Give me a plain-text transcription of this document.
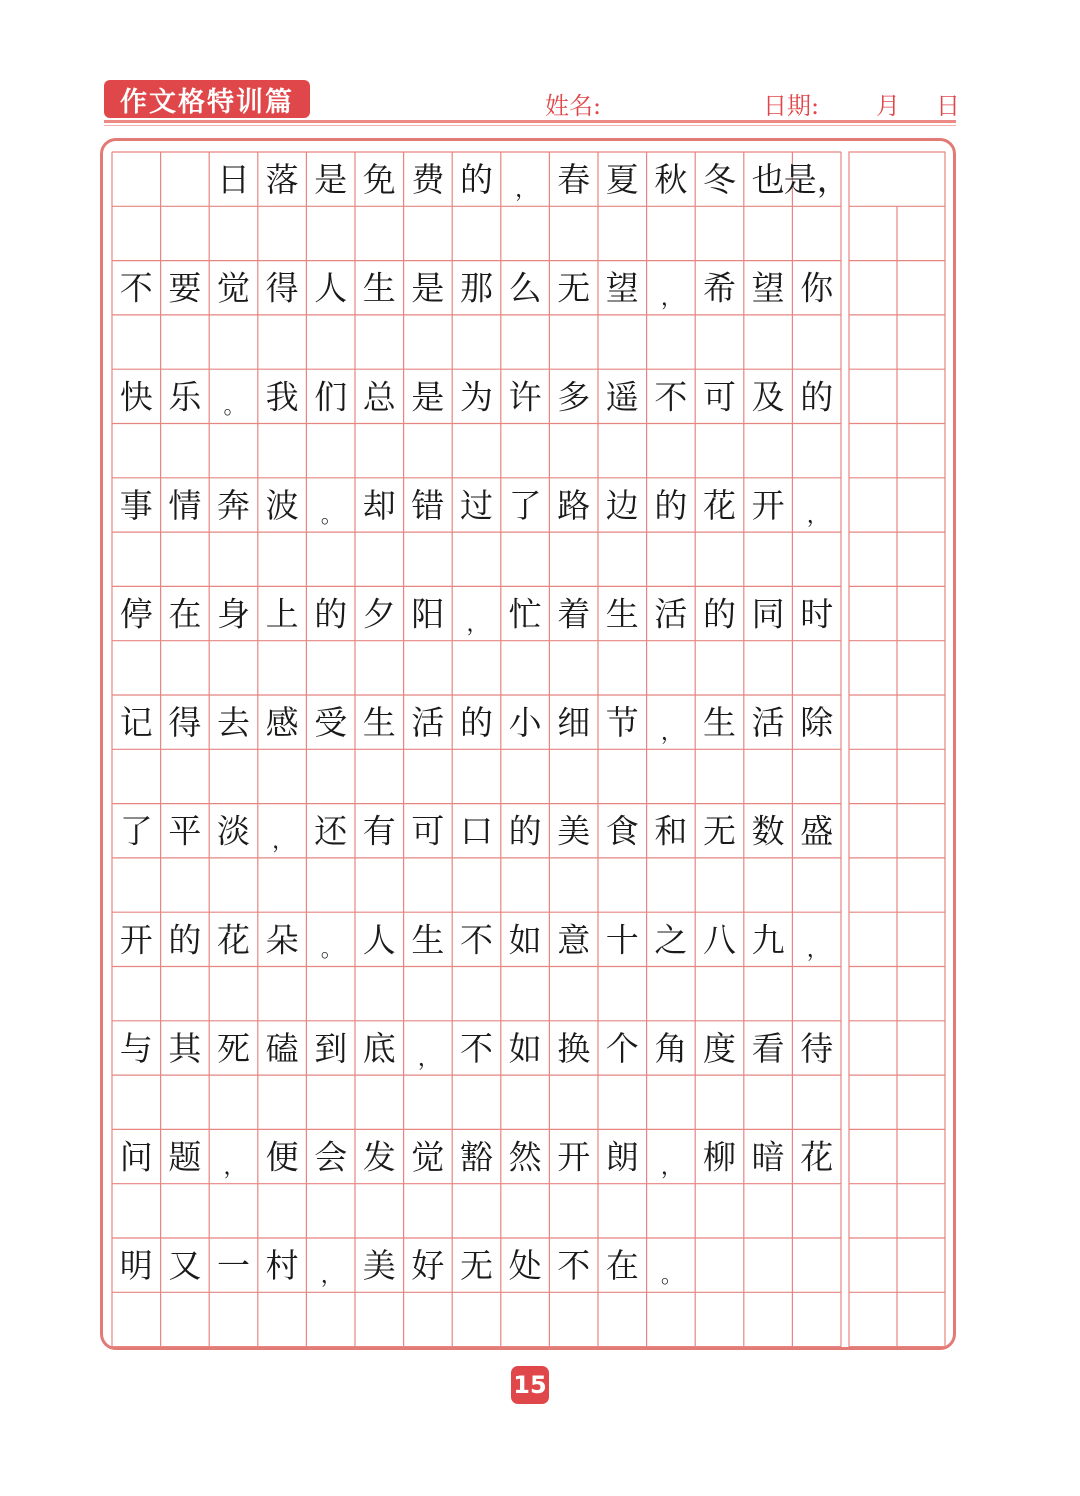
作文格特训篇	姓名:	日期: 月 日
日 落 是 免 费 的 ， 春 夏 秋 冬 也 是，
不 要 觉 得 人 生 是 那 么 无 望 ， 希 望 你
快 乐 。 我 们 总 是 为 许 多 遥 不 可 及 的
事 情 奔 波 。 却 错 过 了 路 边 的 花 开 ，
停 在 身 上 的 夕 阳 ， 忙 着 生 活 的 同 时
记 得 去 感 受 生 活 的 小 细 节 ， 生 活 除
了 平 淡 ， 还 有 可 口 的 美 食 和 无 数 盛
开 的 花 朵 。 人 生 不 如 意 十 之 八 九 ，
与 其 死 磕 到 底 ， 不 如 换 个 角 度 看 待
问 题 ， 便 会 发 觉 豁 然 开 朗 ， 柳 暗 花
明 又 一 村 ， 美 好 无 处 不 在 。
15
